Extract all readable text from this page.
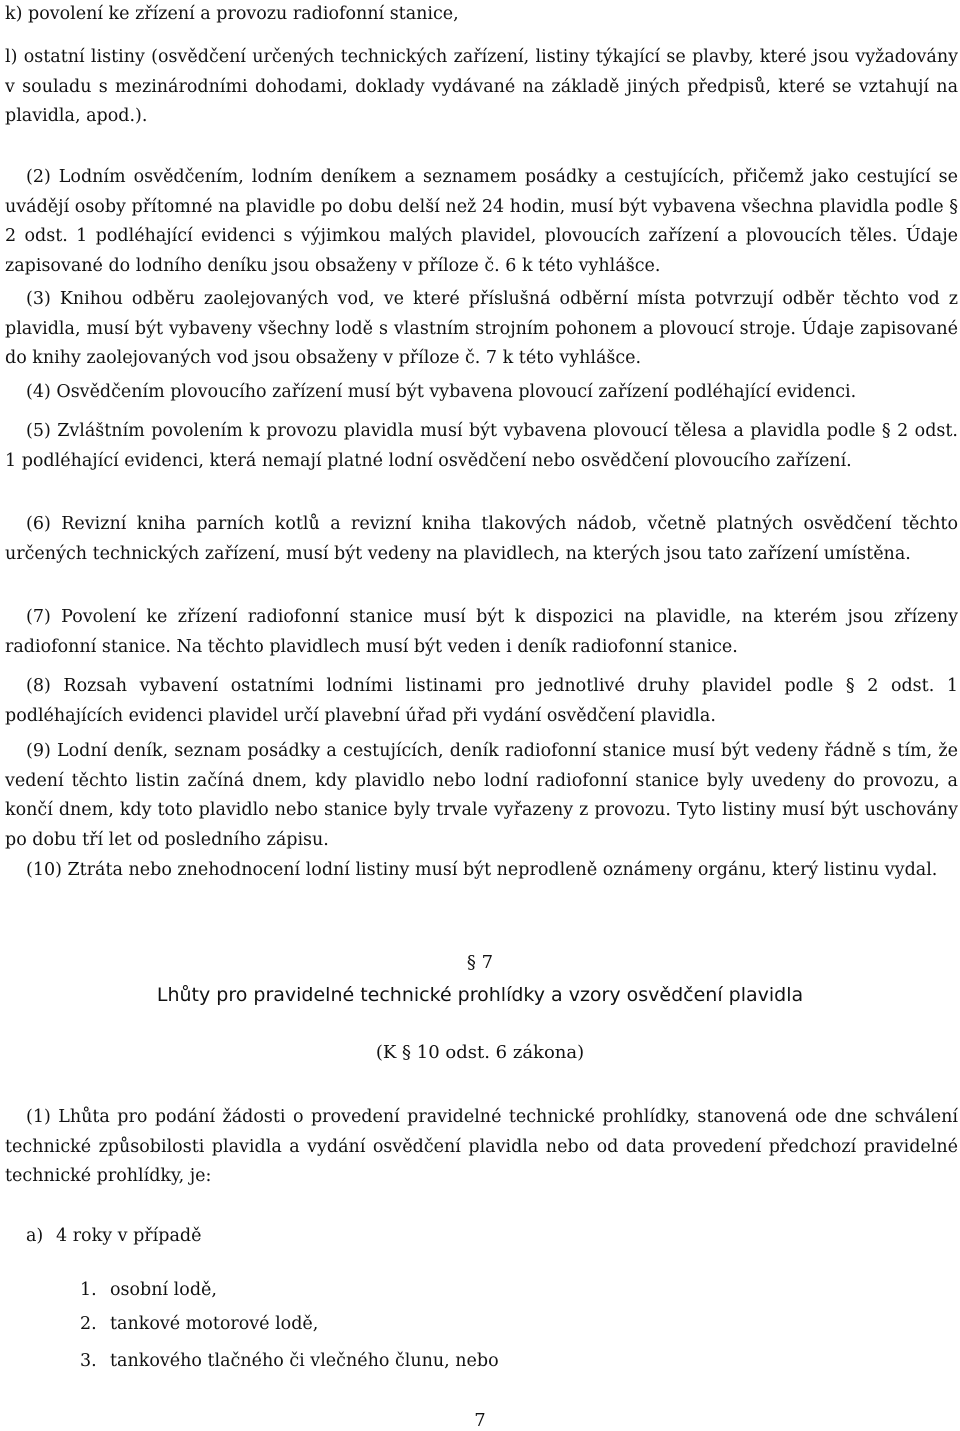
k) povolení ke zřízení a provozu radiofonní stanice,

l) ostatní listiny (osvědčení určených technických zařízení, listiny týkající se plavby, které jsou vyžadovány v souladu s mezinárodními dohodami, doklady vydávané na základě jiných předpisů, které se vztahují na plavidla, apod.).

(2) Lodním osvědčením, lodním deníkem a seznamem posádky a cestujících, přičemž jako cestující se uvádějí osoby přítomné na plavidle po dobu delší než 24 hodin, musí být vybavena všechna plavidla podle § 2 odst. 1 podléhající evidenci s výjimkou malých plavidel, plovoucích zařízení a plovoucích těles. Údaje zapisované do lodního deníku jsou obsaženy v příloze č. 6 k této vyhlášce.

(3) Knihou odběru zaolejovaných vod, ve které příslušná odběrní místa potvrzují odběr těchto vod z plavidla, musí být vybaveny všechny lodě s vlastním strojním pohonem a plovoucí stroje. Údaje zapisované do knihy zaolejovaných vod jsou obsaženy v příloze č. 7 k této vyhlášce.

(4) Osvědčením plovoucího zařízení musí být vybavena plovoucí zařízení podléhající evidenci.

(5) Zvláštním povolením k provozu plavidla musí být vybavena plovoucí tělesa a plavidla podle § 2 odst. 1 podléhající evidenci, která nemají platné lodní osvědčení nebo osvědčení plovoucího zařízení.

(6) Revizní kniha parních kotlů a revizní kniha tlakových nádob, včetně platných osvědčení těchto určených technických zařízení, musí být vedeny na plavidlech, na kterých jsou tato zařízení umístěna.

(7) Povolení ke zřízení radiofonní stanice musí být k dispozici na plavidle, na kterém jsou zřízeny radiofonní stanice. Na těchto plavidlech musí být veden i deník radiofonní stanice.

(8) Rozsah vybavení ostatními lodními listinami pro jednotlivé druhy plavidel podle § 2 odst. 1 podléhajících evidenci plavidel určí plavební úřad při vydání osvědčení plavidla.

(9) Lodní deník, seznam posádky a cestujících, deník radiofonní stanice musí být vedeny řádně s tím, že vedení těchto listin začíná dnem, kdy plavidlo nebo lodní radiofonní stanice byly uvedeny do provozu, a končí dnem, kdy toto plavidlo nebo stanice byly trvale vyřazeny z provozu. Tyto listiny musí být uschovány po dobu tří let od posledního zápisu.

(10) Ztráta nebo znehodnocení lodní listiny musí být neprodleně oznámeny orgánu, který listinu vydal.

§ 7

Lhůty pro pravidelné technické prohlídky a vzory osvědčení plavidla

(K § 10 odst. 6 zákona)

(1) Lhůta pro podání žádosti o provedení pravidelné technické prohlídky, stanovená ode dne schválení technické způsobilosti plavidla a vydání osvědčení plavidla nebo od data provedení předchozí pravidelné technické prohlídky, je:

a) 4 roky v případě

1. osobní lodě,

2. tankové motorové lodě,

3. tankového tlačného či vlečného člunu, nebo

7
